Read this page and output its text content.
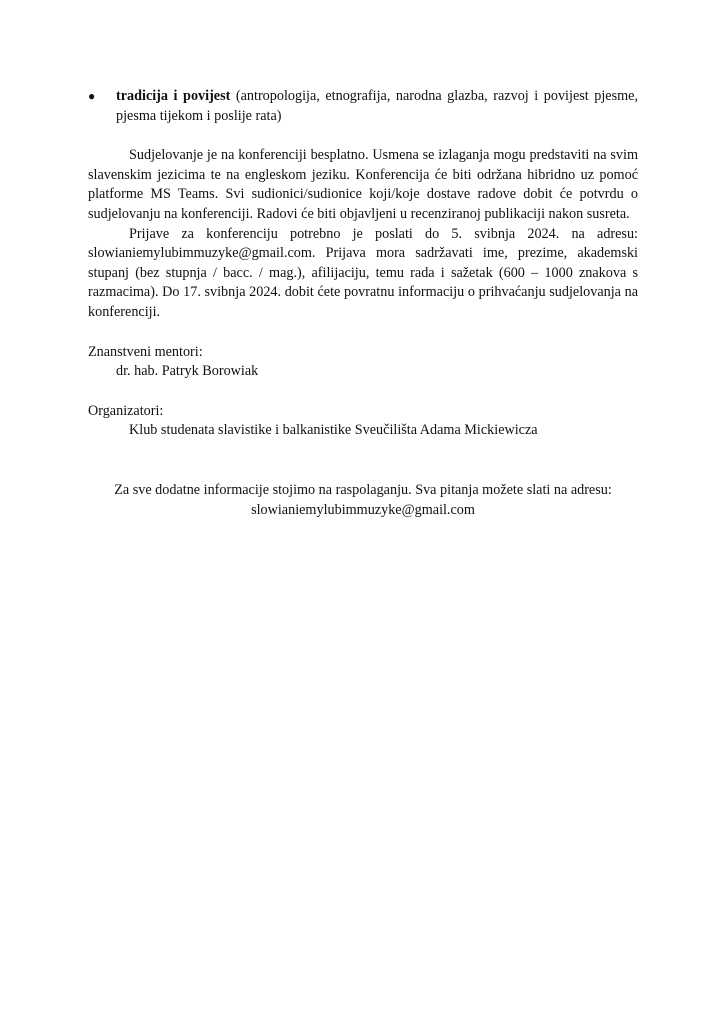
●	tradicija i povijest (antropologija, etnografija, narodna glazba, razvoj i povijest pjesme, pjesma tijekom i poslije rata)

Sudjelovanje je na konferenciji besplatno. Usmena se izlaganja mogu predstaviti na svim slavenskim jezicima te na engleskom jeziku. Konferencija će biti održana hibridno uz pomoć platforme MS Teams. Svi sudionici/sudionice koji/koje dostave radove dobit će potvrdu o sudjelovanju na konferenciji. Radovi će biti objavljeni u recenziranoj publikaciji nakon susreta.

Prijave za konferenciju potrebno je poslati do 5. svibnja 2024. na adresu: slowianiemylubimmuzyke@gmail.com. Prijava mora sadržavati ime, prezime, akademski stupanj (bez stupnja / bacc. / mag.), afilijaciju, temu rada i sažetak (600 – 1000 znakova s razmacima). Do 17. svibnja 2024. dobit ćete povratnu informaciju o prihvaćanju sudjelovanja na konferenciji.

Znanstveni mentori:

dr. hab. Patryk Borowiak

Organizatori:

Klub studenata slavistike i balkanistike Sveučilišta Adama Mickiewicza

Za sve dodatne informacije stojimo na raspolaganju. Sva pitanja možete slati na adresu:

slowianiemylubimmuzyke@gmail.com
